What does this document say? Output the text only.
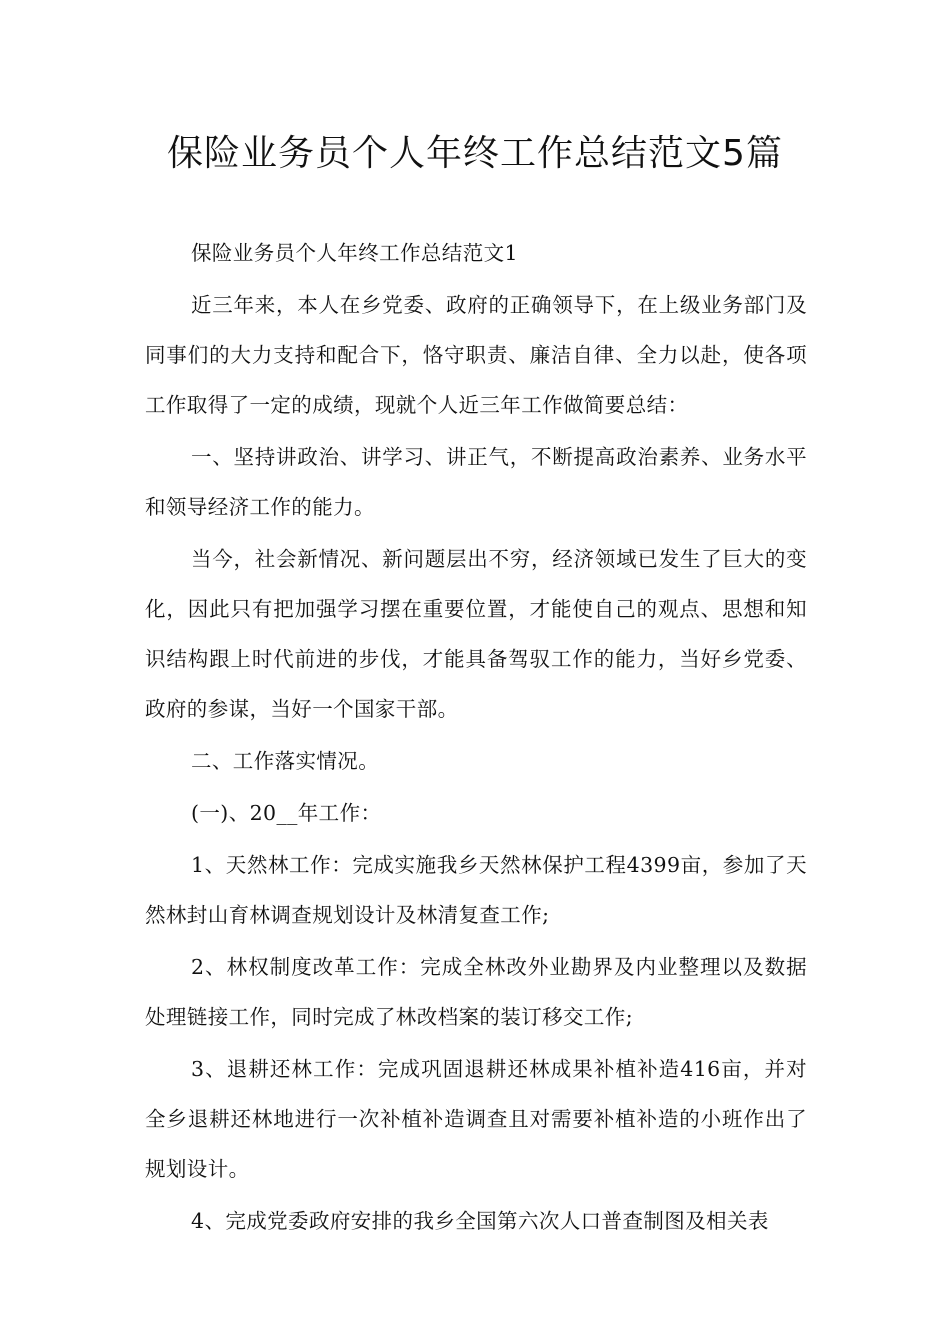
保险业务员个人年终工作总结范文5篇

保险业务员个人年终工作总结范文1

近三年来，本人在乡党委、政府的正确领导下，在上级业务部门及同事们的大力支持和配合下，恪守职责、廉洁自律、全力以赴，使各项工作取得了一定的成绩，现就个人近三年工作做简要总结：

一、坚持讲政治、讲学习、讲正气，不断提高政治素养、业务水平和领导经济工作的能力。

当今，社会新情况、新问题层出不穷，经济领域已发生了巨大的变化，因此只有把加强学习摆在重要位置，才能使自己的观点、思想和知识结构跟上时代前进的步伐，才能具备驾驭工作的能力，当好乡党委、政府的参谋，当好一个国家干部。

二、工作落实情况。

(一)、20__年工作：

1、天然林工作：完成实施我乡天然林保护工程4399亩，参加了天然林封山育林调查规划设计及林清复查工作;

2、林权制度改革工作：完成全林改外业勘界及内业整理以及数据处理链接工作，同时完成了林改档案的装订移交工作;

3、退耕还林工作：完成巩固退耕还林成果补植补造416亩，并对全乡退耕还林地进行一次补植补造调查且对需要补植补造的小班作出了规划设计。

4、完成党委政府安排的我乡全国第六次人口普查制图及相关表
